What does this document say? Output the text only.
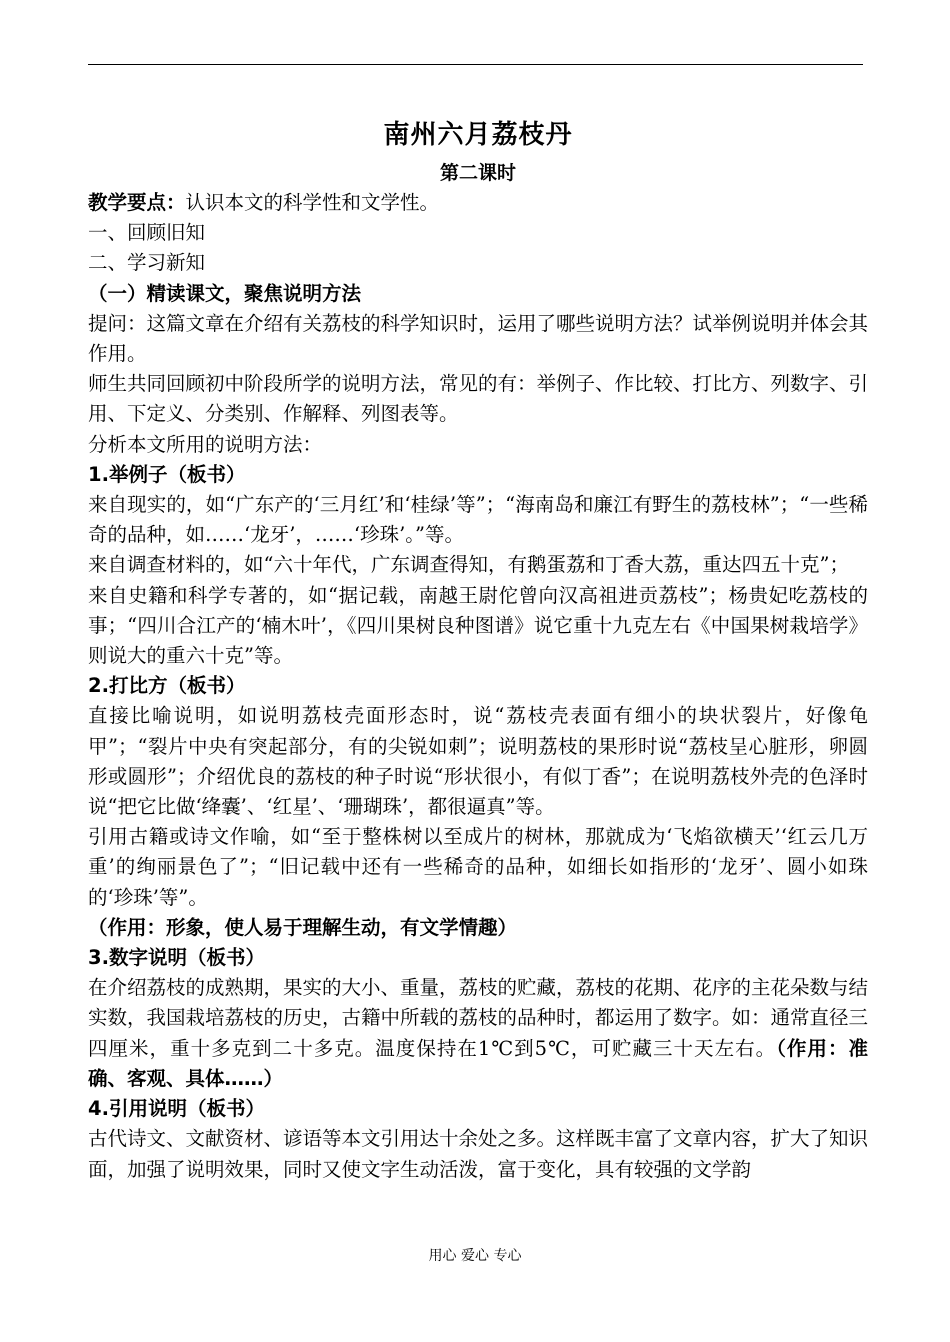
南州六月荔枝丹
第二课时

教学要点：认识本文的科学性和文学性。

一、回顾旧知

二、学习新知

（一）精读课文，聚焦说明方法

提问：这篇文章在介绍有关荔枝的科学知识时，运用了哪些说明方法？试举例说明并体会其作用。

师生共同回顾初中阶段所学的说明方法，常见的有：举例子、作比较、打比方、列数字、引用、下定义、分类别、作解释、列图表等。

分析本文所用的说明方法：

1.举例子（板书）

来自现实的，如“广东产的‘三月红’和‘桂绿’等”；“海南岛和廉江有野生的荔枝林”；“一些稀奇的品种，如……‘龙牙’，……‘珍珠’。”等。

来自调查材料的，如“六十年代，广东调查得知，有鹅蛋荔和丁香大荔，重达四五十克”；

来自史籍和科学专著的，如“据记载，南越王尉佗曾向汉高祖进贡荔枝”；杨贵妃吃荔枝的事；“四川合江产的‘楠木叶’，《四川果树良种图谱》说它重十九克左右《中国果树栽培学》则说大的重六十克”等。

2.打比方（板书）

直接比喻说明，如说明荔枝壳面形态时，说“荔枝壳表面有细小的块状裂片，好像龟甲”；“裂片中央有突起部分，有的尖锐如刺”；说明荔枝的果形时说“荔枝呈心脏形，卵圆形或圆形”；介绍优良的荔枝的种子时说“形状很小，有似丁香”；在说明荔枝外壳的色泽时说“把它比做‘绛囊’、‘红星’、‘珊瑚珠’，都很逼真”等。

引用古籍或诗文作喻，如“至于整株树以至成片的树林，那就成为‘飞焰欲横天’‘红云几万重’的绚丽景色了”；“旧记载中还有一些稀奇的品种，如细长如指形的‘龙牙’、圆小如珠的‘珍珠’等”。

（作用：形象，使人易于理解生动，有文学情趣）

3.数字说明（板书）

在介绍荔枝的成熟期，果实的大小、重量，荔枝的贮藏，荔枝的花期、花序的主花朵数与结实数，我国栽培荔枝的历史，古籍中所载的荔枝的品种时，都运用了数字。如：通常直径三四厘米，重十多克到二十多克。温度保持在1℃到5℃，可贮藏三十天左右。（作用：准确、客观、具体……）

4.引用说明（板书）

古代诗文、文献资材、谚语等本文引用达十余处之多。这样既丰富了文章内容，扩大了知识面，加强了说明效果，同时又使文字生动活泼，富于变化，具有较强的文学韵

用心 爱心 专心
